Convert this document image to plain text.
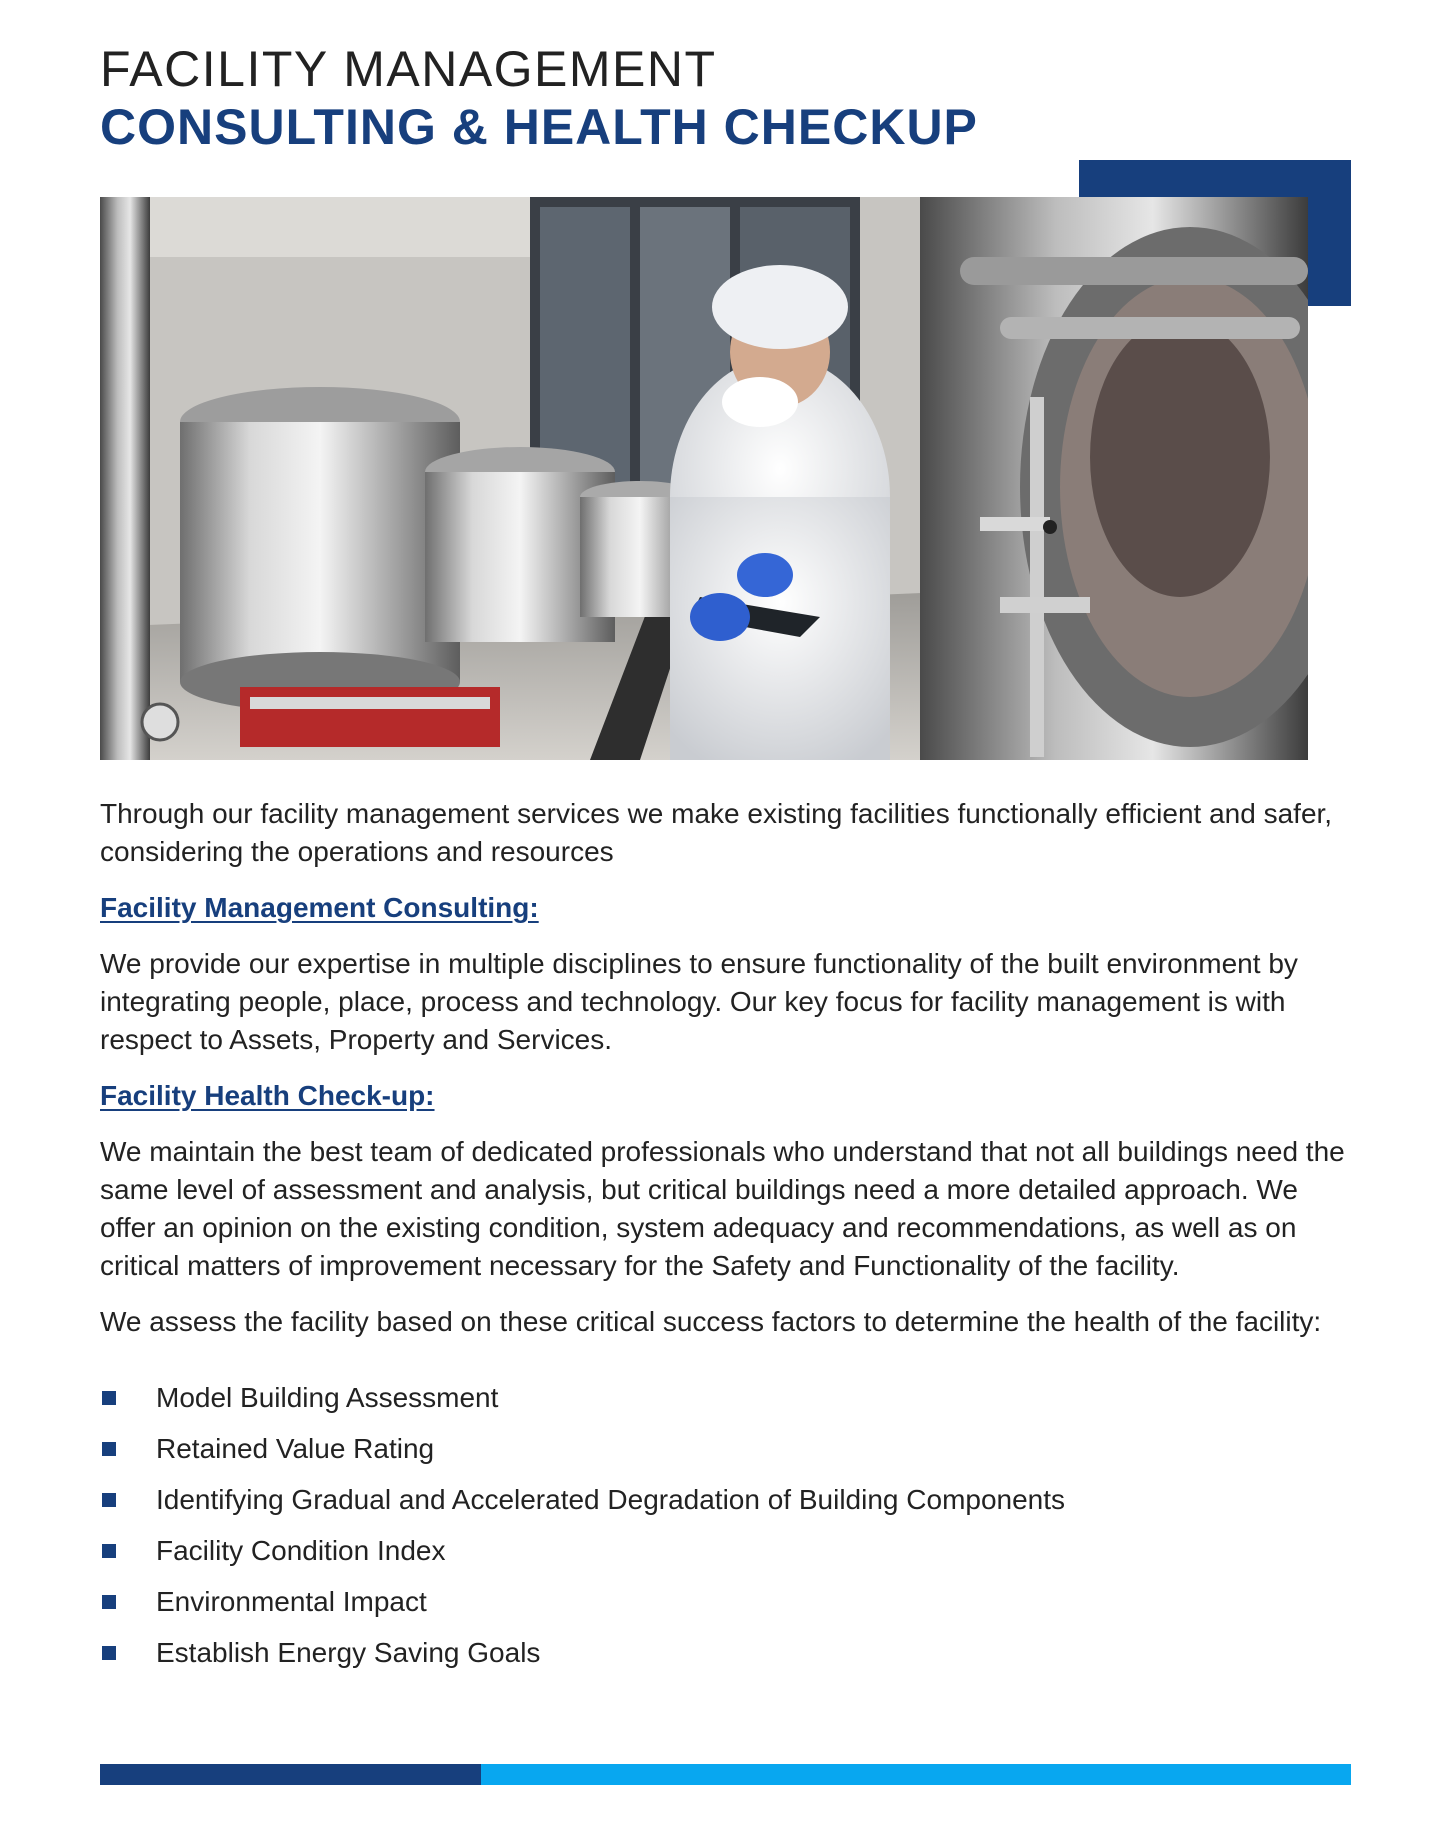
FACILITY MANAGEMENT
CONSULTING & HEALTH CHECKUP

Through our facility management services we make existing facilities functionally efficient and safer, considering the operations and resources

Facility Management Consulting:

We provide our expertise in multiple disciplines to ensure functionality of the built environment by integrating people, place, process and technology. Our key focus for facility management is with respect to Assets, Property and Services.

Facility Health Check-up:

We maintain the best team of dedicated professionals who understand that not all buildings need the same level of assessment and analysis, but critical buildings need a more detailed approach. We offer an opinion on the existing condition, system adequacy and recommendations, as well as on critical matters of improvement necessary for the Safety and Functionality of the facility.

We assess the facility based on these critical success factors to determine the health of the facility:

Model Building Assessment
Retained Value Rating
Identifying Gradual and Accelerated Degradation of Building Components
Facility Condition Index
Environmental Impact
Establish Energy Saving Goals
